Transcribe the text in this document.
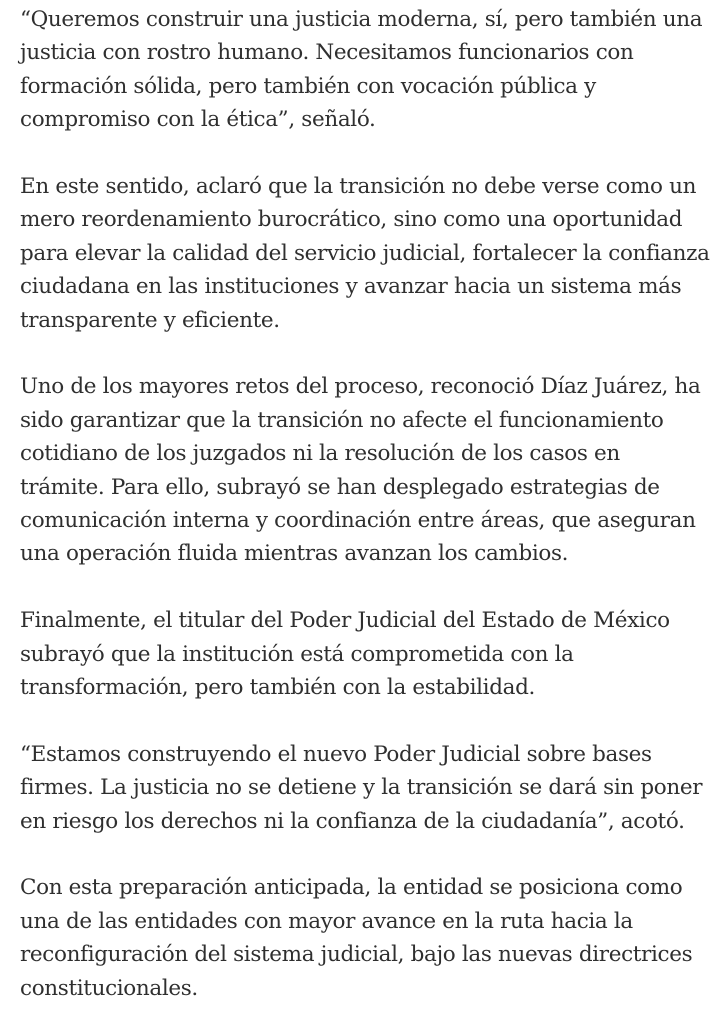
“Queremos construir una justicia moderna, sí, pero también una justicia con rostro humano. Necesitamos funcionarios con formación sólida, pero también con vocación pública y compromiso con la ética”, señaló.

En este sentido, aclaró que la transición no debe verse como un mero reordenamiento burocrático, sino como una oportunidad para elevar la calidad del servicio judicial, fortalecer la confianza ciudadana en las instituciones y avanzar hacia un sistema más transparente y eficiente.

Uno de los mayores retos del proceso, reconoció Díaz Juárez, ha sido garantizar que la transición no afecte el funcionamiento cotidiano de los juzgados ni la resolución de los casos en trámite. Para ello, subrayó se han desplegado estrategias de comunicación interna y coordinación entre áreas, que aseguran una operación fluida mientras avanzan los cambios.

Finalmente, el titular del Poder Judicial del Estado de México subrayó que la institución está comprometida con la transformación, pero también con la estabilidad.

“Estamos construyendo el nuevo Poder Judicial sobre bases firmes. La justicia no se detiene y la transición se dará sin poner en riesgo los derechos ni la confianza de la ciudadanía”, acotó.

Con esta preparación anticipada, la entidad se posiciona como una de las entidades con mayor avance en la ruta hacia la reconfiguración del sistema judicial, bajo las nuevas directrices constitucionales.
